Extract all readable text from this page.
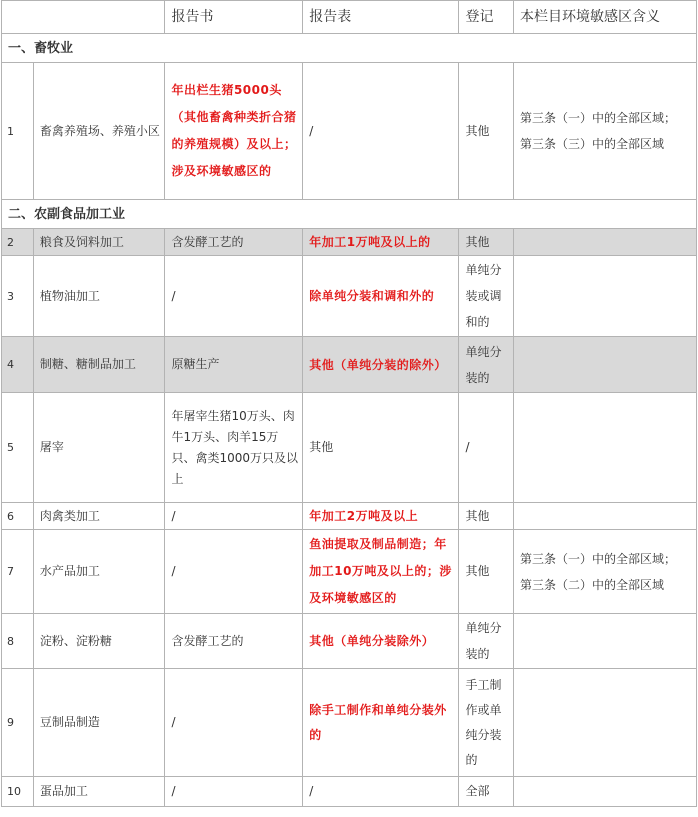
		报告书	报告表	登记	本栏目环境敏感区含义
一、畜牧业					
1	畜禽养殖场、养殖小区	年出栏生猪5000头（其他畜禽种类折合猪的养殖规模）及以上；涉及环境敏感区的	/	其他	第三条（一）中的全部区域；
第三条（三）中的全部区域
二、农副食品加工业					
2	粮食及饲料加工	含发酵工艺的	年加工1万吨及以上的	其他	
3	植物油加工	/	除单纯分装和调和外的	单纯分装或调和的	
4	制糖、糖制品加工	原糖生产	其他（单纯分装的除外）	单纯分装的	
5	屠宰	年屠宰生猪10万头、肉牛1万头、肉羊15万只、禽类1000万只及以上	其他	/	
6	肉禽类加工	/	年加工2万吨及以上	其他	
7	水产品加工	/	鱼油提取及制品制造；年加工10万吨及以上的；涉及环境敏感区的	其他	第三条（一）中的全部区域；
第三条（二）中的全部区域
8	淀粉、淀粉糖	含发酵工艺的	其他（单纯分装除外）	单纯分装的	
9	豆制品制造	/	除手工制作和单纯分装外的	手工制作或单纯分装的	
10	蛋品加工	/	/	全部	
